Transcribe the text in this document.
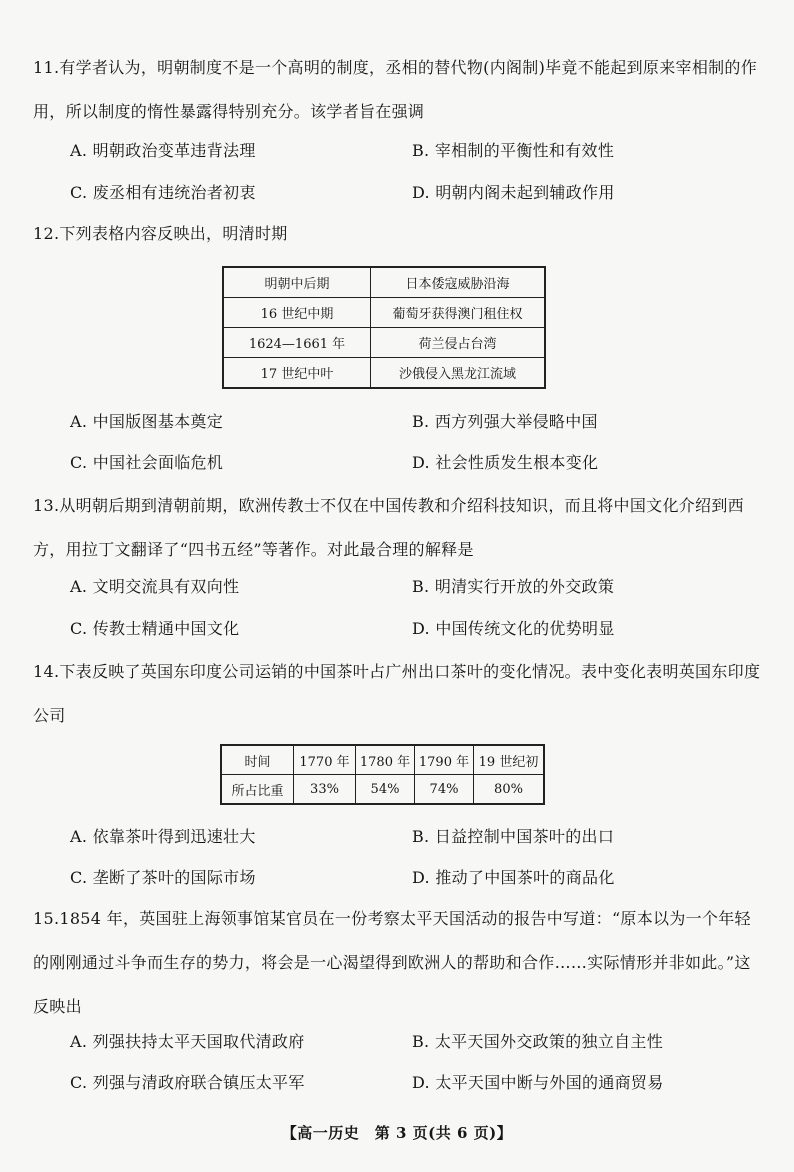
11.有学者认为，明朝制度不是一个高明的制度，丞相的替代物(内阁制)毕竟不能起到原来宰相制的作用，所以制度的惰性暴露得特别充分。该学者旨在强调
A. 明朝政治变革违背法理	B. 宰相制的平衡性和有效性
C. 废丞相有违统治者初衷	D. 明朝内阁未起到辅政作用
12.下列表格内容反映出，明清时期
明朝中后期	日本倭寇威胁沿海
16 世纪中期	葡萄牙获得澳门租住权
1624—1661 年	荷兰侵占台湾
17 世纪中叶	沙俄侵入黑龙江流域
A. 中国版图基本奠定	B. 西方列强大举侵略中国
C. 中国社会面临危机	D. 社会性质发生根本变化
13.从明朝后期到清朝前期，欧洲传教士不仅在中国传教和介绍科技知识，而且将中国文化介绍到西方，用拉丁文翻译了“四书五经”等著作。对此最合理的解释是
A. 文明交流具有双向性	B. 明清实行开放的外交政策
C. 传教士精通中国文化	D. 中国传统文化的优势明显
14.下表反映了英国东印度公司运销的中国茶叶占广州出口茶叶的变化情况。表中变化表明英国东印度公司
时间	1770 年	1780 年	1790 年	19 世纪初
所占比重	33%	54%	74%	80%
A. 依靠茶叶得到迅速壮大	B. 日益控制中国茶叶的出口
C. 垄断了茶叶的国际市场	D. 推动了中国茶叶的商品化
15.1854 年，英国驻上海领事馆某官员在一份考察太平天国活动的报告中写道：“原本以为一个年轻的刚刚通过斗争而生存的势力，将会是一心渴望得到欧洲人的帮助和合作……实际情形并非如此。”这反映出
A. 列强扶持太平天国取代清政府	B. 太平天国外交政策的独立自主性
C. 列强与清政府联合镇压太平军	D. 太平天国中断与外国的通商贸易
【高一历史　第 3 页(共 6 页)】
